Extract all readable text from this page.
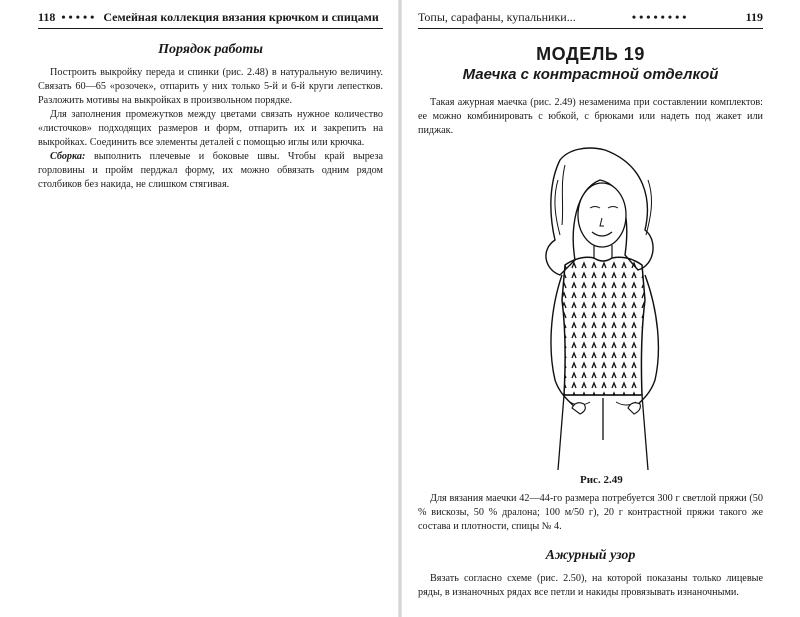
118 ••••• Семейная коллекция вязания крючком и спицами
Порядок работы

Построить выкройку переда и спинки (рис. 2.48) в натуральную величину. Связать 60—65 «розочек», отпарить у них только 5-й и 6-й круги лепестков. Разложить мотивы на выкройках в произвольном порядке.

Для заполнения промежутков между цветами связать нужное количество «листочков» подходящих размеров и форм, отпарить их и закрепить на выкройках. Соединить все элементы деталей с помощью иглы или крючка.

Сборка: выполнить плечевые и боковые швы. Чтобы край выреза горловины и пройм перджал форму, их можно обвязать одним рядом столбиков без накида, не слишком стягивая.

Топы, сарафаны, купальники...	••••••••	119
МОДЕЛЬ 19
Маечка с контрастной отделкой

Такая ажурная маечка (рис. 2.49) незаменима при составлении комплектов: ее можно комбинировать с юбкой, с брюками или надеть под жакет или пиджак.

Рис. 2.49

Для вязания маечки 42—44-го размера потребуется 300 г светлой пряжи (50 % вискозы, 50 % дралона; 100 м/50 г), 20 г контрастной пряжи такого же состава и плотности, спицы № 4.

Ажурный узор

Вязать согласно схеме (рис. 2.50), на которой показаны только лицевые ряды, в изнаночных рядах все петли и накиды провязывать изнаночными.
